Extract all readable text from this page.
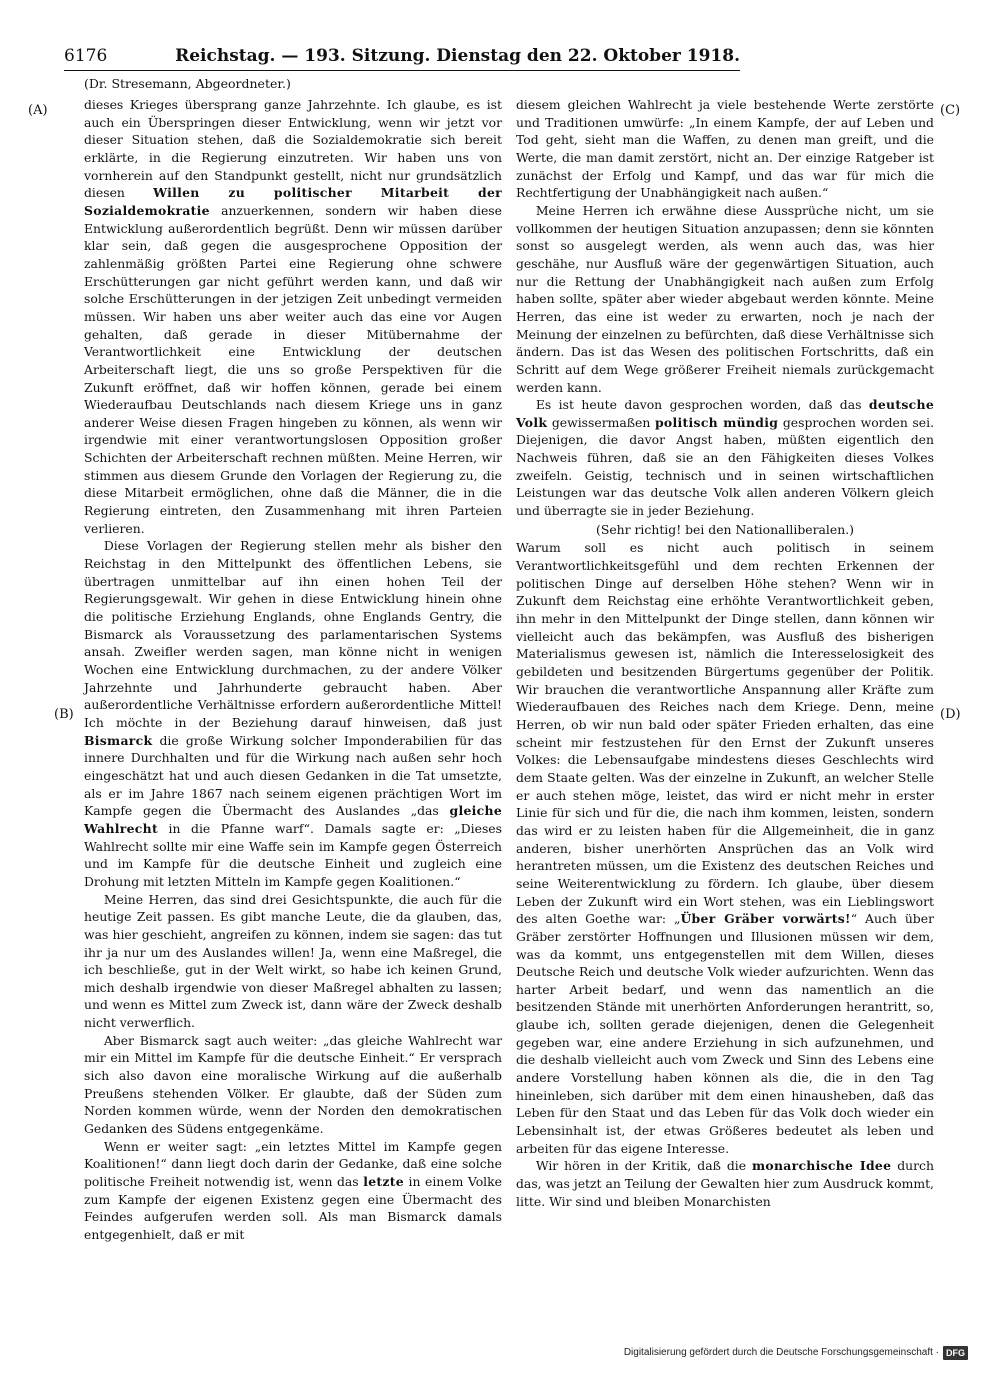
6176	Reichstag. — 193. Sitzung. Dienstag den 22. Oktober 1918.
(Dr. Stresemann, Abgeordneter.)
(A)
(B)
(C)
(D)

dieses Krieges übersprang ganze Jahrzehnte. Ich glaube, es ist auch ein Überspringen dieser Entwicklung, wenn wir jetzt vor dieser Situation stehen, daß die Sozialdemokratie sich bereit erklärte, in die Regierung einzutreten. Wir haben uns von vornherein auf den Standpunkt gestellt, nicht nur grundsätzlich diesen Willen zu politischer Mitarbeit der Sozialdemokratie anzuerkennen, sondern wir haben diese Entwicklung außerordentlich begrüßt. Denn wir müssen darüber klar sein, daß gegen die ausgesprochene Opposition der zahlenmäßig größten Partei eine Regierung ohne schwere Erschütterungen gar nicht geführt werden kann, und daß wir solche Erschütterungen in der jetzigen Zeit unbedingt vermeiden müssen. Wir haben uns aber weiter auch das eine vor Augen gehalten, daß gerade in dieser Mitübernahme der Verantwortlichkeit eine Entwicklung der deutschen Arbeiterschaft liegt, die uns so große Perspektiven für die Zukunft eröffnet, daß wir hoffen können, gerade bei einem Wiederaufbau Deutschlands nach diesem Kriege uns in ganz anderer Weise diesen Fragen hingeben zu können, als wenn wir irgendwie mit einer verantwortungslosen Opposition großer Schichten der Arbeiterschaft rechnen müßten. Meine Herren, wir stimmen aus diesem Grunde den Vorlagen der Regierung zu, die diese Mitarbeit ermöglichen, ohne daß die Männer, die in die Regierung eintreten, den Zusammenhang mit ihren Parteien verlieren.

Diese Vorlagen der Regierung stellen mehr als bisher den Reichstag in den Mittelpunkt des öffentlichen Lebens, sie übertragen unmittelbar auf ihn einen hohen Teil der Regierungsgewalt. Wir gehen in diese Entwicklung hinein ohne die politische Erziehung Englands, ohne Englands Gentry, die Bismarck als Voraussetzung des parlamentarischen Systems ansah. Zweifler werden sagen, man könne nicht in wenigen Wochen eine Entwicklung durchmachen, zu der andere Völker Jahrzehnte und Jahrhunderte gebraucht haben. Aber außerordentliche Verhältnisse erfordern außerordentliche Mittel! Ich möchte in der Beziehung darauf hinweisen, daß just Bismarck die große Wirkung solcher Imponderabilien für das innere Durchhalten und für die Wirkung nach außen sehr hoch eingeschätzt hat und auch diesen Gedanken in die Tat umsetzte, als er im Jahre 1867 nach seinem eigenen prächtigen Wort im Kampfe gegen die Übermacht des Auslandes „das gleiche Wahlrecht in die Pfanne warf“. Damals sagte er: „Dieses Wahlrecht sollte mir eine Waffe sein im Kampfe gegen Österreich und im Kampfe für die deutsche Einheit und zugleich eine Drohung mit letzten Mitteln im Kampfe gegen Koalitionen.“

Meine Herren, das sind drei Gesichtspunkte, die auch für die heutige Zeit passen. Es gibt manche Leute, die da glauben, das, was hier geschieht, angreifen zu können, indem sie sagen: das tut ihr ja nur um des Auslandes willen! Ja, wenn eine Maßregel, die ich beschließe, gut in der Welt wirkt, so habe ich keinen Grund, mich deshalb irgendwie von dieser Maßregel abhalten zu lassen; und wenn es Mittel zum Zweck ist, dann wäre der Zweck deshalb nicht verwerflich.

Aber Bismarck sagt auch weiter: „das gleiche Wahlrecht war mir ein Mittel im Kampfe für die deutsche Einheit.“ Er versprach sich also davon eine moralische Wirkung auf die außerhalb Preußens stehenden Völker. Er glaubte, daß der Süden zum Norden kommen würde, wenn der Norden den demokratischen Gedanken des Südens entgegenkäme.

Wenn er weiter sagt: „ein letztes Mittel im Kampfe gegen Koalitionen!“ dann liegt doch darin der Gedanke, daß eine solche politische Freiheit notwendig ist, wenn das letzte in einem Volke zum Kampfe der eigenen Existenz gegen eine Übermacht des Feindes aufgerufen werden soll. Als man Bismarck damals entgegenhielt, daß er mit

diesem gleichen Wahlrecht ja viele bestehende Werte zerstörte und Traditionen umwürfe: „In einem Kampfe, der auf Leben und Tod geht, sieht man die Waffen, zu denen man greift, und die Werte, die man damit zerstört, nicht an. Der einzige Ratgeber ist zunächst der Erfolg und Kampf, und das war für mich die Rechtfertigung der Unabhängigkeit nach außen.“

Meine Herren ich erwähne diese Aussprüche nicht, um sie vollkommen der heutigen Situation anzupassen; denn sie könnten sonst so ausgelegt werden, als wenn auch das, was hier geschähe, nur Ausfluß wäre der gegenwärtigen Situation, auch nur die Rettung der Unabhängigkeit nach außen zum Erfolg haben sollte, später aber wieder abgebaut werden könnte. Meine Herren, das eine ist weder zu erwarten, noch je nach der Meinung der einzelnen zu befürchten, daß diese Verhältnisse sich ändern. Das ist das Wesen des politischen Fortschritts, daß ein Schritt auf dem Wege größerer Freiheit niemals zurückgemacht werden kann.

Es ist heute davon gesprochen worden, daß das deutsche Volk gewissermaßen politisch mündig gesprochen worden sei. Diejenigen, die davor Angst haben, müßten eigentlich den Nachweis führen, daß sie an den Fähigkeiten dieses Volkes zweifeln. Geistig, technisch und in seinen wirtschaftlichen Leistungen war das deutsche Volk allen anderen Völkern gleich und überragte sie in jeder Beziehung.

(Sehr richtig! bei den Nationalliberalen.)

Warum soll es nicht auch politisch in seinem Verantwortlichkeitsgefühl und dem rechten Erkennen der politischen Dinge auf derselben Höhe stehen? Wenn wir in Zukunft dem Reichstag eine erhöhte Verantwortlichkeit geben, ihn mehr in den Mittelpunkt der Dinge stellen, dann können wir vielleicht auch das bekämpfen, was Ausfluß des bisherigen Materialismus gewesen ist, nämlich die Interesselosigkeit des gebildeten und besitzenden Bürgertums gegenüber der Politik. Wir brauchen die verantwortliche Anspannung aller Kräfte zum Wiederaufbauen des Reiches nach dem Kriege. Denn, meine Herren, ob wir nun bald oder später Frieden erhalten, das eine scheint mir festzustehen für den Ernst der Zukunft unseres Volkes: die Lebensaufgabe mindestens dieses Geschlechts wird dem Staate gelten. Was der einzelne in Zukunft, an welcher Stelle er auch stehen möge, leistet, das wird er nicht mehr in erster Linie für sich und für die, die nach ihm kommen, leisten, sondern das wird er zu leisten haben für die Allgemeinheit, die in ganz anderen, bisher unerhörten Ansprüchen das an Volk wird herantreten müssen, um die Existenz des deutschen Reiches und seine Weiterentwicklung zu fördern. Ich glaube, über diesem Leben der Zukunft wird ein Wort stehen, was ein Lieblingswort des alten Goethe war: „Über Gräber vorwärts!“ Auch über Gräber zerstörter Hoffnungen und Illusionen müssen wir dem, was da kommt, uns entgegenstellen mit dem Willen, dieses Deutsche Reich und deutsche Volk wieder aufzurichten. Wenn das harter Arbeit bedarf, und wenn das namentlich an die besitzenden Stände mit unerhörten Anforderungen herantritt, so, glaube ich, sollten gerade diejenigen, denen die Gelegenheit gegeben war, eine andere Erziehung in sich aufzunehmen, und die deshalb vielleicht auch vom Zweck und Sinn des Lebens eine andere Vorstellung haben können als die, die in den Tag hineinleben, sich darüber mit dem einen hinausheben, daß das Leben für den Staat und das Leben für das Volk doch wieder ein Lebensinhalt ist, der etwas Größeres bedeutet als leben und arbeiten für das eigene Interesse.

Wir hören in der Kritik, daß die monarchische Idee durch das, was jetzt an Teilung der Gewalten hier zum Ausdruck kommt, litte. Wir sind und bleiben Monarchisten

Digitalisierung gefördert durch die Deutsche Forschungsgemeinschaft · DFG
